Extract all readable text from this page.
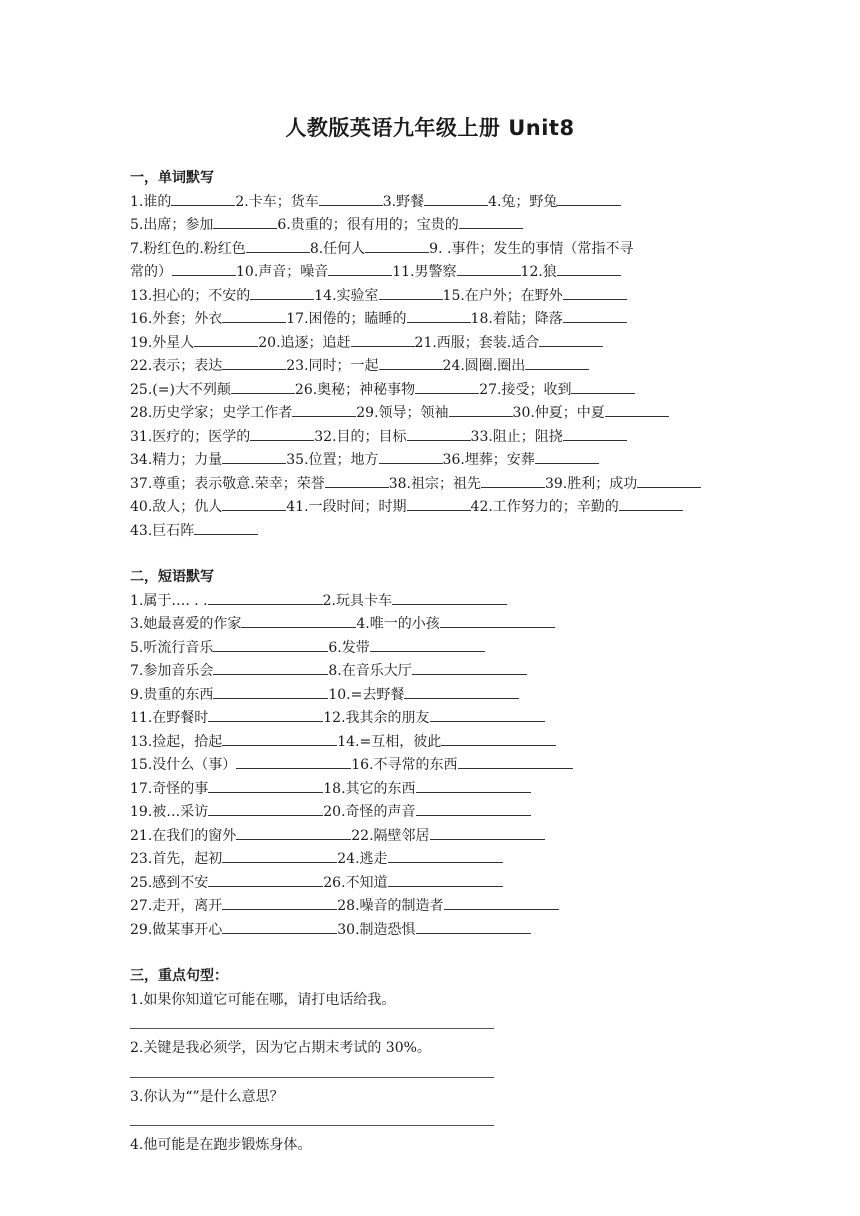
人教版英语九年级上册 Unit8
一，单词默写
1.谁的	2.卡车；货车	3.野餐	4.兔；野兔
5.出席；参加	6.贵重的；很有用的；宝贵的
7.粉红色的.粉红色	8.任何人	9. .事件；发生的事情（常指不寻
常的）	10.声音；噪音	11.男警察	12.狼
13.担心的；不安的	14.实验室	15.在户外；在野外
16.外套；外衣	17.困倦的；瞌睡的	18.着陆；降落
19.外星人	20.追逐；追赶	21.西服；套装.适合
22.表示；表达	23.同时；一起	24.圆圈.圈出
25.(=)大不列颠	26.奥秘；神秘事物	27.接受；收到
28.历史学家；史学工作者	29.领导；领袖	30.仲夏；中夏
31.医疗的；医学的	32.目的；目标	33.阻止；阻挠
34.精力；力量	35.位置；地方	36.埋葬；安葬
37.尊重；表示敬意.荣幸；荣誉	38.祖宗；祖先	39.胜利；成功
40.敌人；仇人	41.一段时间；时期	42.工作努力的；辛勤的
43.巨石阵
二，短语默写
1.属于…. . .	2.玩具卡车
3.她最喜爱的作家	4.唯一的小孩
5.听流行音乐	6.发带
7.参加音乐会	8.在音乐大厅
9.贵重的东西	10.=去野餐
11.在野餐时	12.我其余的朋友
13.捡起，拾起	14.=互相，彼此
15.没什么（事）	16.不寻常的东西
17.奇怪的事	18.其它的东西
19.被…采访	20.奇怪的声音
21.在我们的窗外	22.隔壁邻居
23.首先，起初	24.逃走
25.感到不安	26.不知道
27.走开，离开	28.噪音的制造者
29.做某事开心	30.制造恐惧
三，重点句型：
1.如果你知道它可能在哪，请打电话给我。
2.关键是我必须学，因为它占期末考试的 30%。
3.你认为“”是什么意思？
4.他可能是在跑步锻炼身体。
